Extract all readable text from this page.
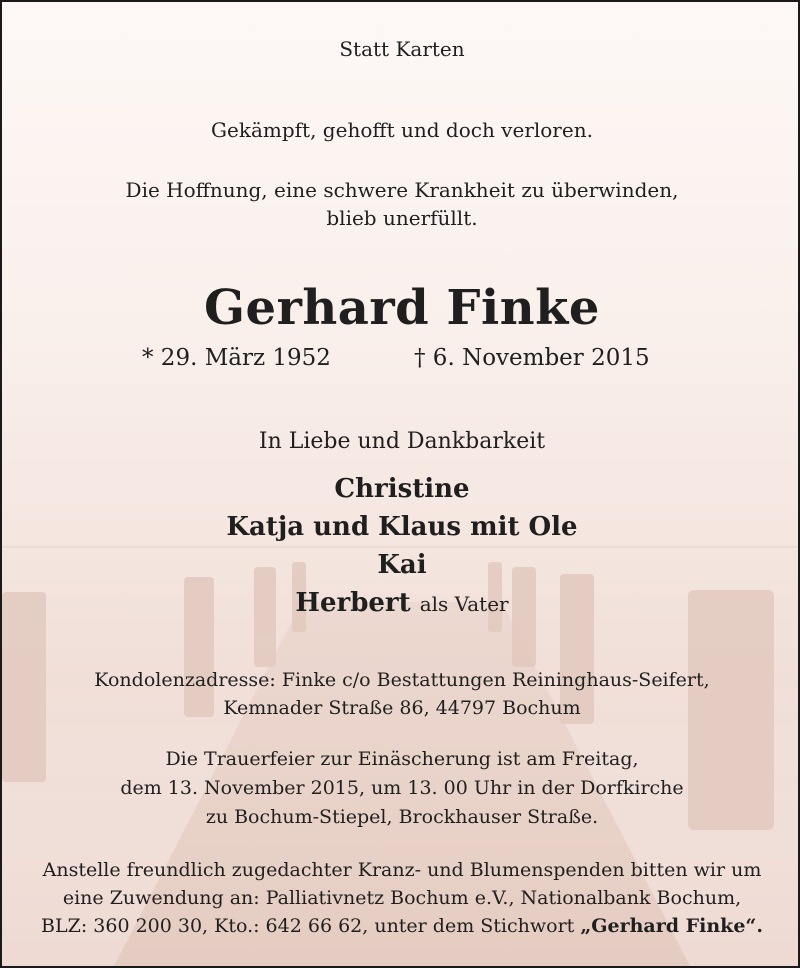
Statt Karten
Gekämpft, gehofft und doch verloren.
Die Hoffnung, eine schwere Krankheit zu überwinden,
blieb unerfüllt.
Gerhard Finke
* 29. März 1952	† 6. November 2015
In Liebe und Dankbarkeit
Christine
Katja und Klaus mit Ole
Kai
Herbert als Vater
Kondolenzadresse: Finke c/o Bestattungen Reininghaus-Seifert,
Kemnader Straße 86, 44797 Bochum
Die Trauerfeier zur Einäscherung ist am Freitag,
dem 13. November 2015, um 13. 00 Uhr in der Dorfkirche
zu Bochum-Stiepel, Brockhauser Straße.
Anstelle freundlich zugedachter Kranz- und Blumenspenden bitten wir um
eine Zuwendung an: Palliativnetz Bochum e.V., Nationalbank Bochum,
BLZ: 360 200 30, Kto.: 642 66 62, unter dem Stichwort „Gerhard Finke“.
